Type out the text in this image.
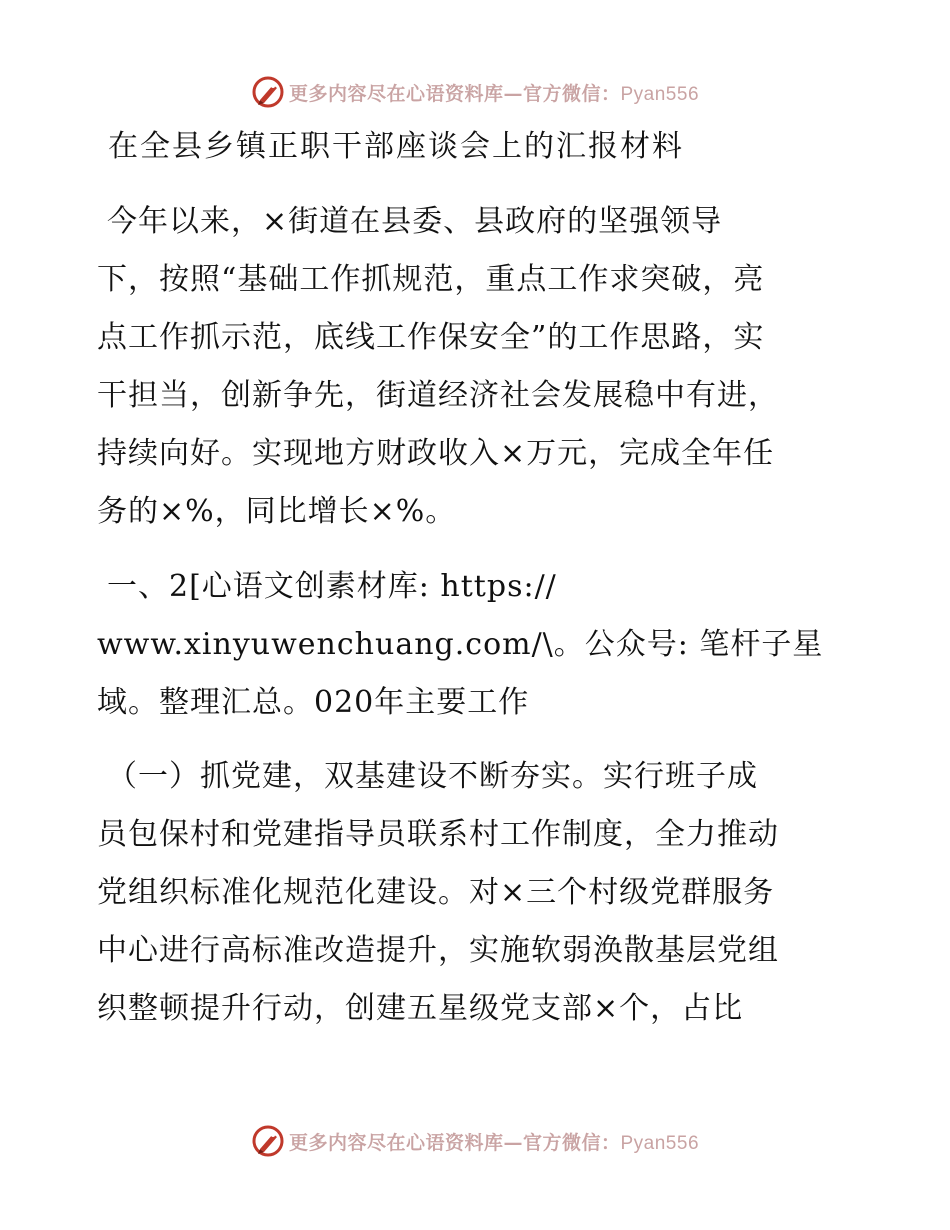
更多内容尽在心语资料库—官方微信：Pyan556
在全县乡镇正职干部座谈会上的汇报材料
今年以来，×街道在县委、县政府的坚强领导
下，按照“基础工作抓规范，重点工作求突破，亮
点工作抓示范，底线工作保安全”的工作思路，实
干担当，创新争先，街道经济社会发展稳中有进，
持续向好。实现地方财政收入×万元，完成全年任
务的×%，同比增长×%。
一、2[心语文创素材库: https://
www.xinyuwenchuang.com/\。公众号: 笔杆子星
域。整理汇总。020年主要工作
（一）抓党建，双基建设不断夯实。实行班子成
员包保村和党建指导员联系村工作制度，全力推动
党组织标准化规范化建设。对×三个村级党群服务
中心进行高标准改造提升，实施软弱涣散基层党组
织整顿提升行动，创建五星级党支部×个，占比
更多内容尽在心语资料库—官方微信：Pyan556
